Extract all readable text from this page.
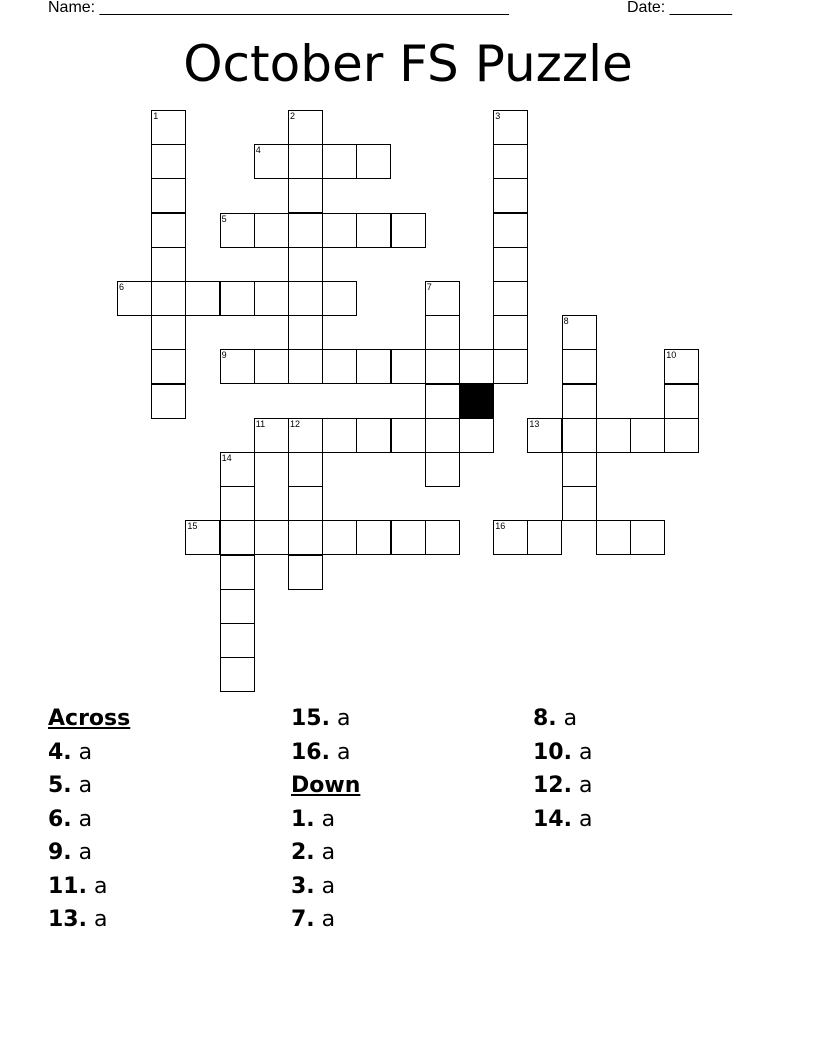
Name: ______________________________________________	Date: _______
October FS Puzzle
1	2	3
4
5
6	7
8
9	10
11	12	13
14
15	16
Across
4. a
5. a
6. a
9. a
11. a
13. a
15. a
16. a
Down
1. a
2. a
3. a
7. a
8. a
10. a
12. a
14. a
